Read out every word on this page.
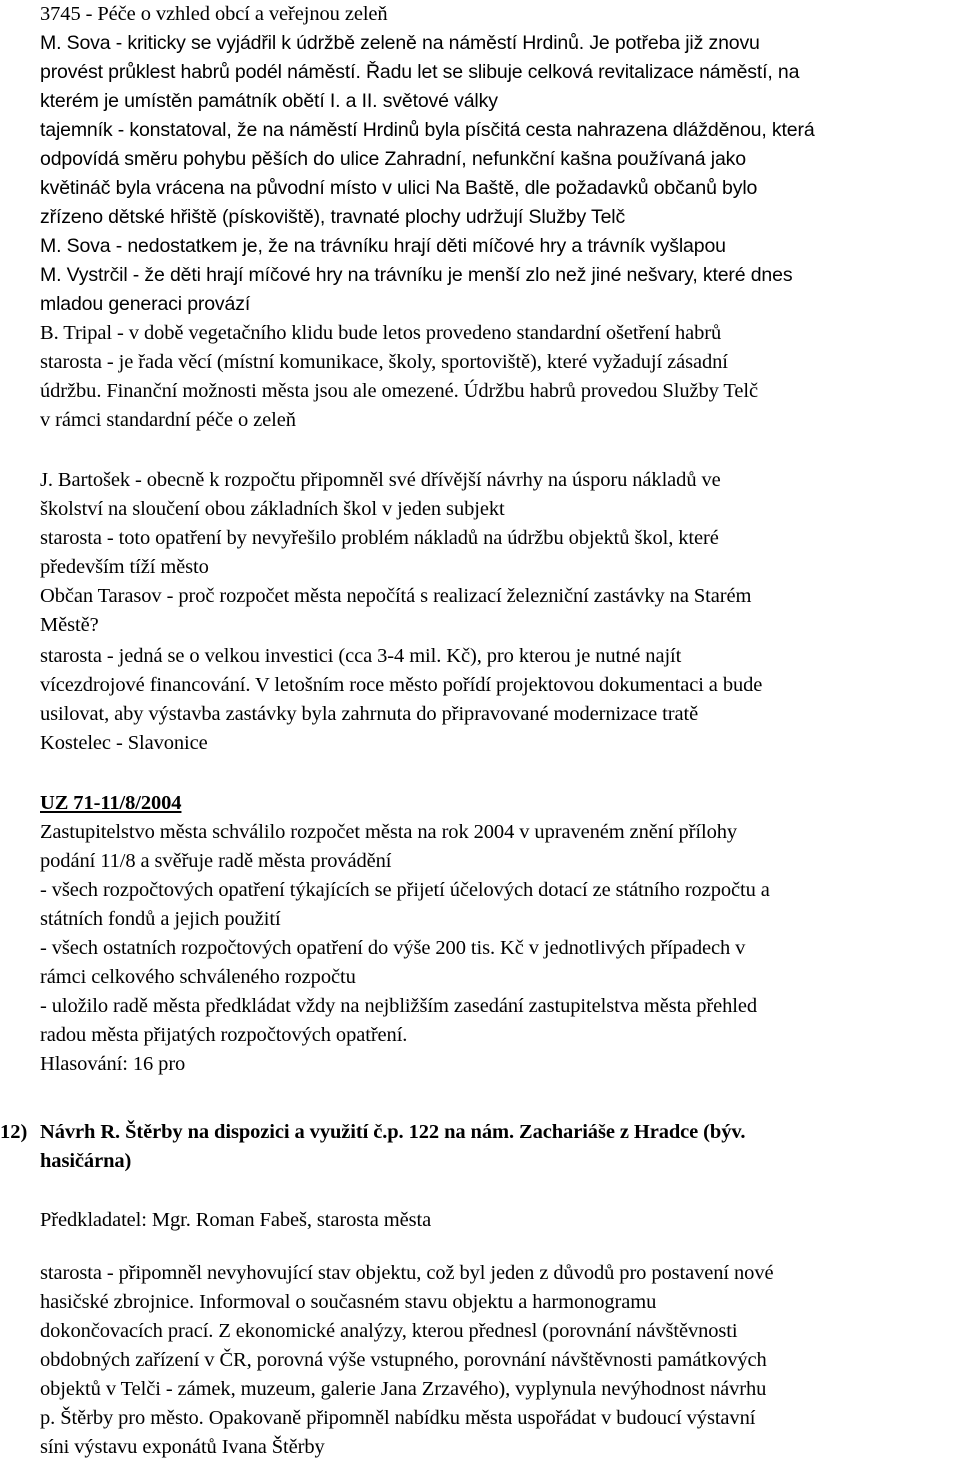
3745 - Péče o vzhled obcí a veřejnou zeleň

M. Sova - kriticky se vyjádřil k údržbě zeleně na náměstí Hrdinů. Je potřeba již znovu

provést průklest habrů podél náměstí. Řadu let se slibuje celková revitalizace náměstí, na

kterém je umístěn památník obětí I. a II. světové války

tajemník - konstatoval, že na náměstí Hrdinů byla písčitá cesta nahrazena dlážděnou, která

odpovídá směru pohybu pěších do ulice Zahradní, nefunkční kašna používaná jako

květináč byla vrácena na původní místo v ulici Na Baště, dle požadavků občanů bylo

zřízeno dětské hřiště (pískoviště), travnaté plochy udržují Služby Telč

M. Sova - nedostatkem je, že na trávníku hrají děti míčové hry a trávník vyšlapou

M. Vystrčil - že děti hrají míčové hry na trávníku je menší zlo než jiné nešvary, které dnes

mladou generaci provází

B. Tripal - v době vegetačního klidu bude letos provedeno standardní ošetření habrů

starosta - je řada věcí (místní komunikace, školy, sportoviště), které vyžadují zásadní

údržbu. Finanční možnosti města jsou ale omezené. Údržbu habrů provedou Služby Telč

v rámci standardní péče o zeleň

J. Bartošek - obecně k rozpočtu připomněl své dřívější návrhy na úsporu nákladů ve

školství na sloučení obou základních škol v jeden subjekt

starosta - toto opatření by nevyřešilo problém nákladů na údržbu objektů škol, které

především tíží město

Občan Tarasov - proč rozpočet města nepočítá s realizací železniční zastávky na Starém

Městě?

starosta - jedná se o velkou investici (cca 3-4 mil. Kč), pro kterou je nutné najít

vícezdrojové financování. V letošním roce město pořídí projektovou dokumentaci a bude

usilovat, aby výstavba zastávky byla zahrnuta do připravované modernizace tratě

Kostelec - Slavonice

UZ 71-11/8/2004

Zastupitelstvo města schválilo rozpočet města na rok 2004 v upraveném znění přílohy

podání 11/8 a svěřuje radě města provádění

- všech rozpočtových opatření týkajících se přijetí účelových dotací ze státního rozpočtu a

státních fondů a jejich použití

- všech ostatních rozpočtových opatření do výše 200 tis. Kč v jednotlivých případech v

rámci celkového schváleného rozpočtu

- uložilo radě města předkládat vždy na nejbližším zasedání zastupitelstva města přehled

radou města přijatých rozpočtových opatření.

Hlasování: 16 pro

12) Návrh R. Štěrby na dispozici a využití č.p. 122 na nám. Zachariáše z Hradce (býv.

hasičárna)

Předkladatel: Mgr. Roman Fabeš, starosta města

starosta - připomněl nevyhovující stav objektu, což byl jeden z důvodů pro postavení nové

hasičské zbrojnice. Informoval o současném stavu objektu a harmonogramu

dokončovacích prací. Z ekonomické analýzy, kterou přednesl (porovnání návštěvnosti

obdobných zařízení v ČR, porovná výše vstupného, porovnání návštěvnosti památkových

objektů v Telči - zámek, muzeum, galerie Jana Zrzavého), vyplynula nevýhodnost návrhu

p. Štěrby pro město. Opakovaně připomněl nabídku města uspořádat v budoucí výstavní

síni výstavu exponátů Ivana Štěrby
